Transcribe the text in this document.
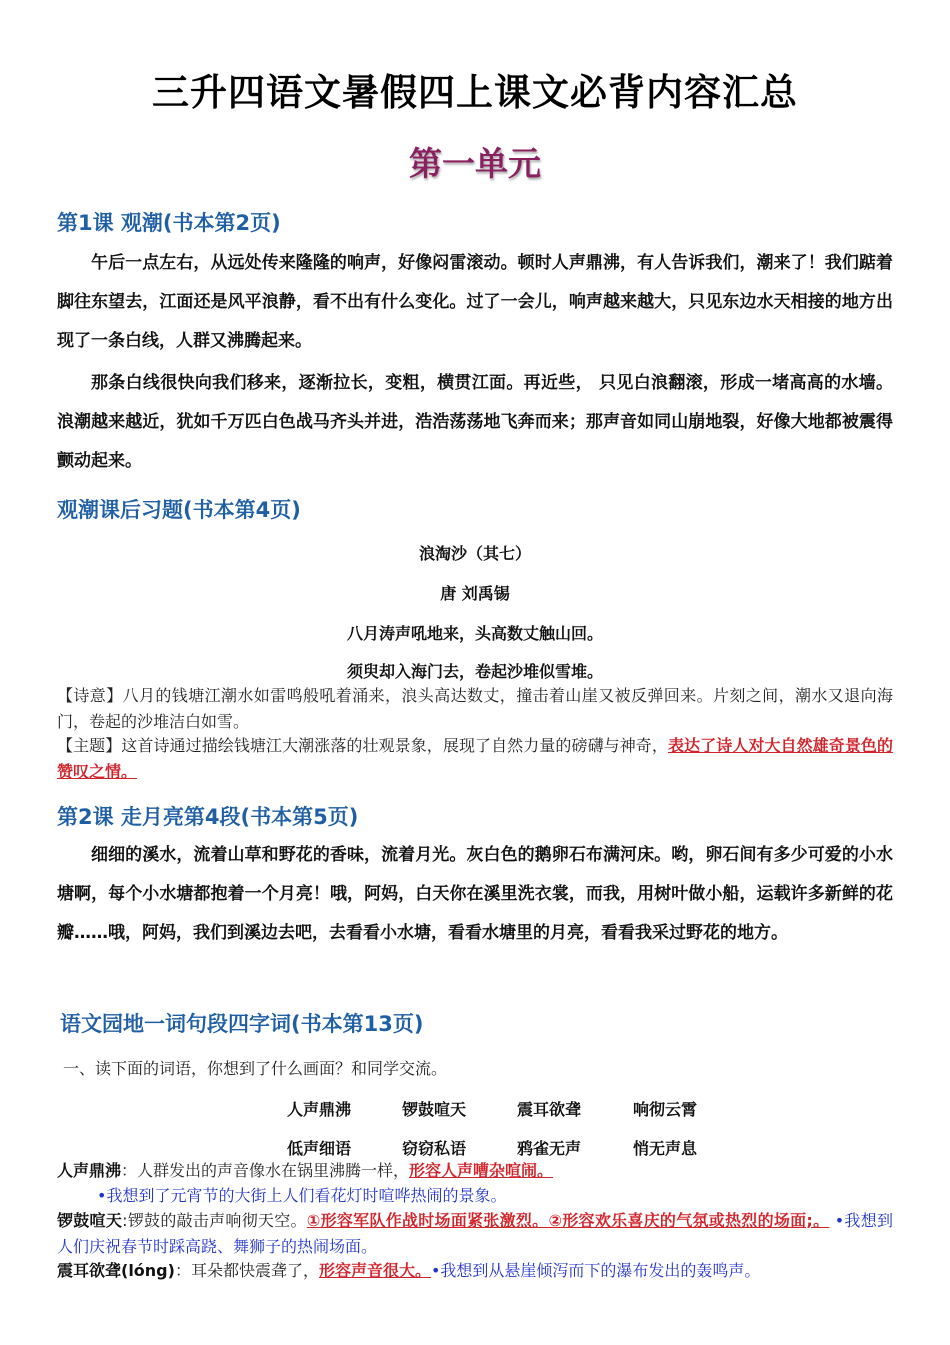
三升四语文暑假四上课文必背内容汇总
第一单元
第1课 观潮(书本第2页)
午后一点左右，从远处传来隆隆的响声，好像闷雷滚动。顿时人声鼎沸，有人告诉我们，潮来了！我们踮着脚往东望去，江面还是风平浪静，看不出有什么变化。过了一会儿，响声越来越大，只见东边水天相接的地方出现了一条白线，人群又沸腾起来。
那条白线很快向我们移来，逐渐拉长，变粗，横贯江面。再近些， 只见白浪翻滚，形成一堵高高的水墙。浪潮越来越近，犹如千万匹白色战马齐头并进，浩浩荡荡地飞奔而来；那声音如同山崩地裂，好像大地都被震得颤动起来。
观潮课后习题(书本第4页)
浪淘沙（其七）
唐 刘禹锡
八月涛声吼地来，头高数丈触山回。
须臾却入海门去，卷起沙堆似雪堆。
【诗意】八月的钱塘江潮水如雷鸣般吼着涌来，浪头高达数丈，撞击着山崖又被反弹回来。片刻之间，潮水又退向海门，卷起的沙堆洁白如雪。
【主题】这首诗通过描绘钱塘江大潮涨落的壮观景象，展现了自然力量的磅礴与神奇，表达了诗人对大自然雄奇景色的赞叹之情。
第2课 走月亮第4段(书本第5页)
细细的溪水，流着山草和野花的香味，流着月光。灰白色的鹅卵石布满河床。哟，卵石间有多少可爱的小水塘啊，每个小水塘都抱着一个月亮！哦，阿妈，白天你在溪里洗衣裳，而我，用树叶做小船，运载许多新鲜的花瓣……哦，阿妈，我们到溪边去吧，去看看小水塘，看看水塘里的月亮，看看我采过野花的地方。
语文园地一词句段四字词(书本第13页)
一、读下面的词语，你想到了什么画面？和同学交流。
人声鼎沸	锣鼓喧天	震耳欲聋	响彻云霄
低声细语	窃窃私语	鸦雀无声	悄无声息
人声鼎沸：人群发出的声音像水在锅里沸腾一样，形容人声嘈杂喧闹。
•我想到了元宵节的大街上人们看花灯时喧哗热闹的景象。
锣鼓喧天:锣鼓的敲击声响彻天空。①形容军队作战时场面紧张激烈。②形容欢乐喜庆的气氛或热烈的场面;。 •我想到人们庆祝春节时踩高跷、舞狮子的热闹场面。
震耳欲聋(lóng)：耳朵都快震聋了，形容声音很大。•我想到从悬崖倾泻而下的瀑布发出的轰鸣声。
